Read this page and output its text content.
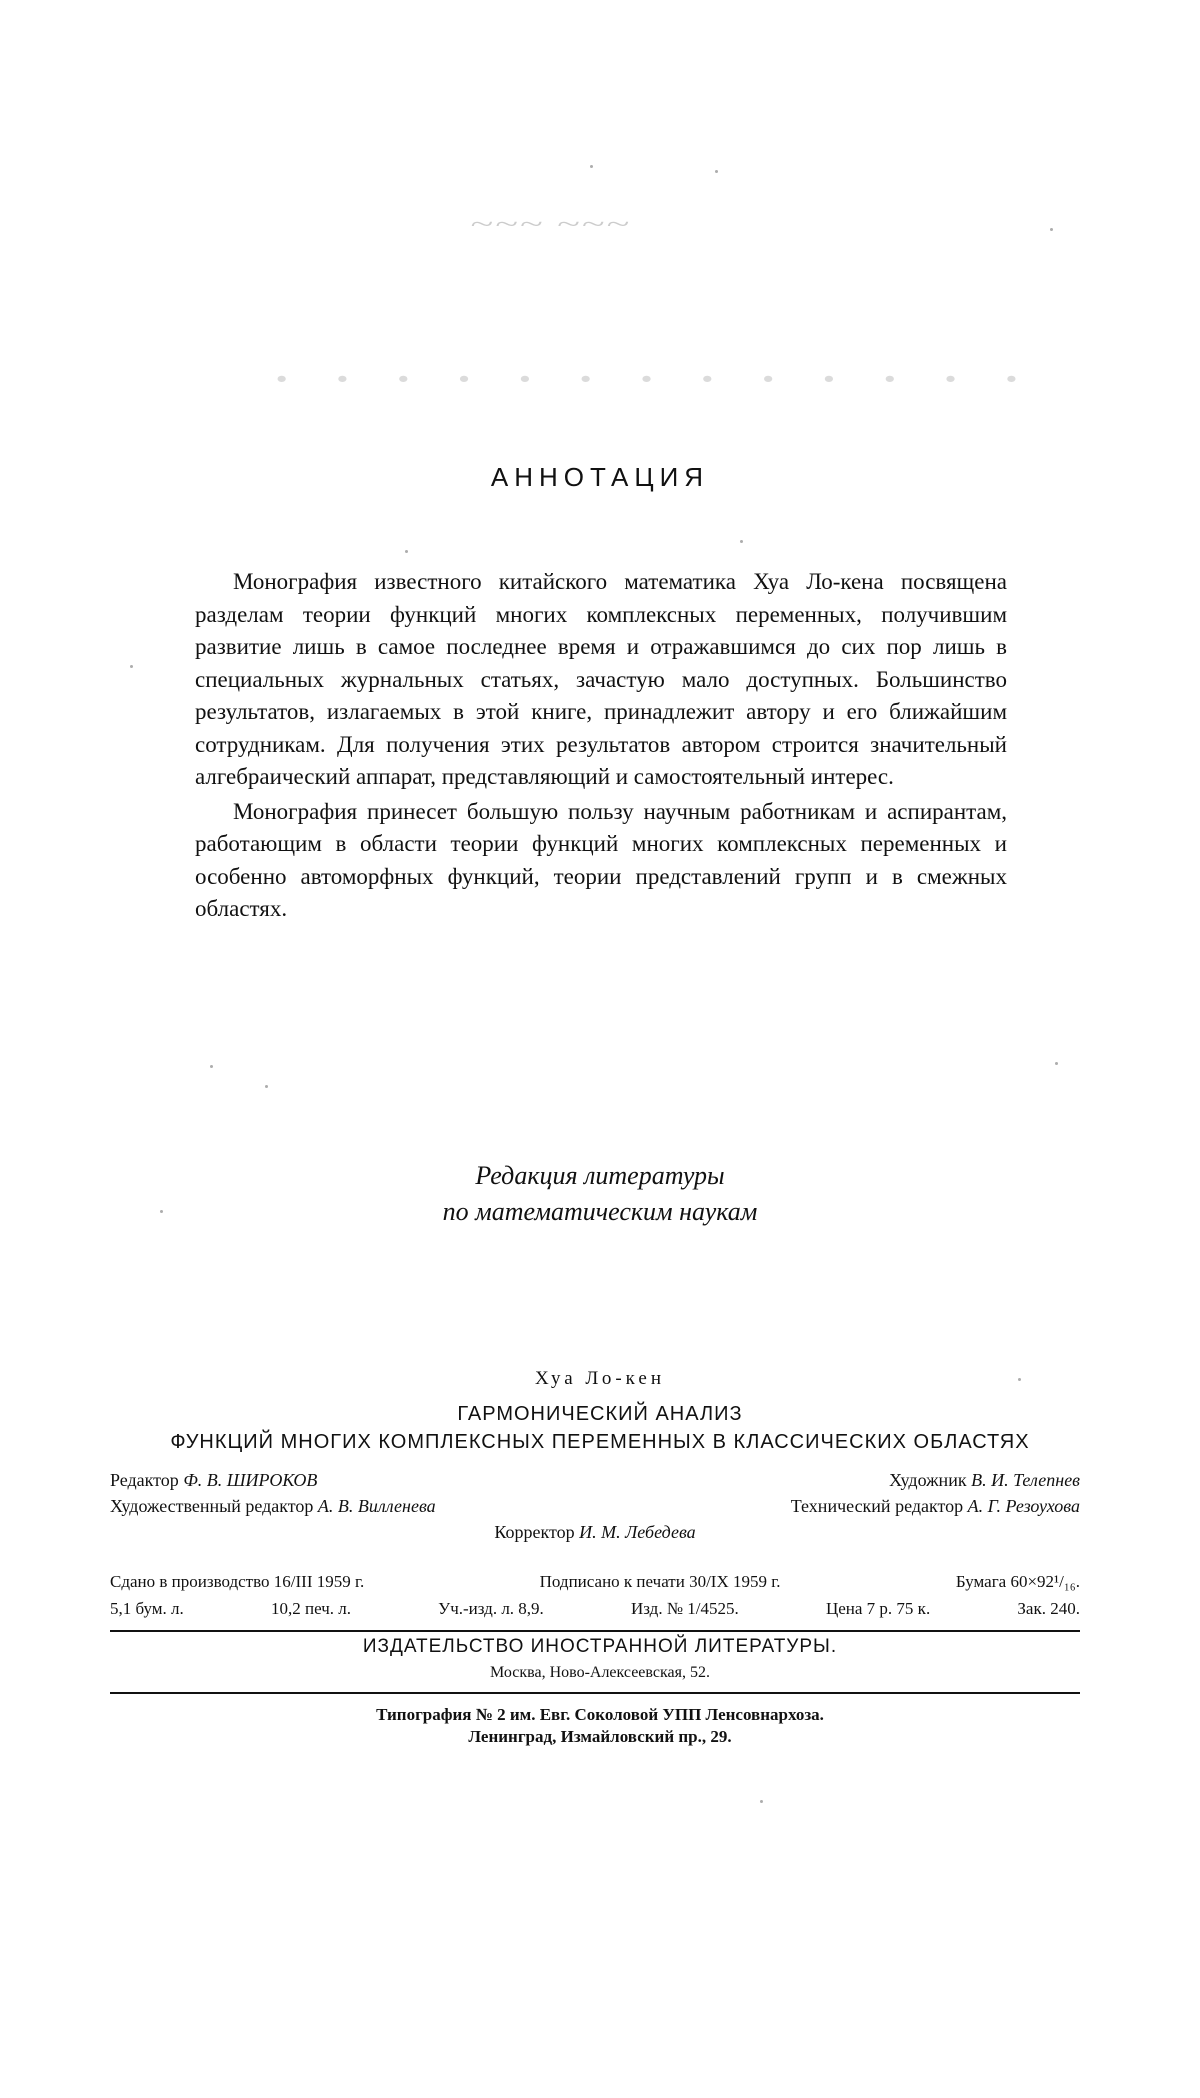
~~~ ~~~
· · · · · · · · · · · · ·
АННОТАЦИЯ

Монография известного китайского математика Хуа Ло-кена посвящена разделам теории функций многих комплексных переменных, получившим развитие лишь в самое последнее время и отражавшимся до сих пор лишь в специальных журнальных статьях, зачастую мало доступных. Большинство результатов, излагаемых в этой книге, принадлежит автору и его ближайшим сотрудникам. Для получения этих результатов автором строится значительный алгебраический аппарат, представляющий и самостоятельный интерес.

Монография принесет большую пользу научным работникам и аспирантам, работающим в области теории функций многих комплексных переменных и особенно автоморфных функций, теории представлений групп и в смежных областях.

Редакция литературы
по математическим наукам
Хуа Ло-кен
ГАРМОНИЧЕСКИЙ АНАЛИЗ
ФУНКЦИЙ МНОГИХ КОМПЛЕКСНЫХ ПЕРЕМЕННЫХ В КЛАССИЧЕСКИХ ОБЛАСТЯХ
Редактор Ф. В. ШИРОКОВ	Художник В. И. Телепнев
Художественный редактор А. В. Вилленева	Технический редактор А. Г. Резоухова
Корректор И. М. Лебедева
Сдано в производство 16/III 1959 г.	Подписано к печати 30/IX 1959 г.	Бумага 60×92¹/₁₆.
5,1 бум. л.	10,2 печ. л.	Уч.-изд. л. 8,9.	Изд. № 1/4525.	Цена 7 р. 75 к.	Зак. 240.
ИЗДАТЕЛЬСТВО ИНОСТРАННОЙ ЛИТЕРАТУРЫ.
Москва, Ново-Алексеевская, 52.
Типография № 2 им. Евг. Соколовой УПП Ленсовнархоза.
Ленинград, Измайловский пр., 29.
